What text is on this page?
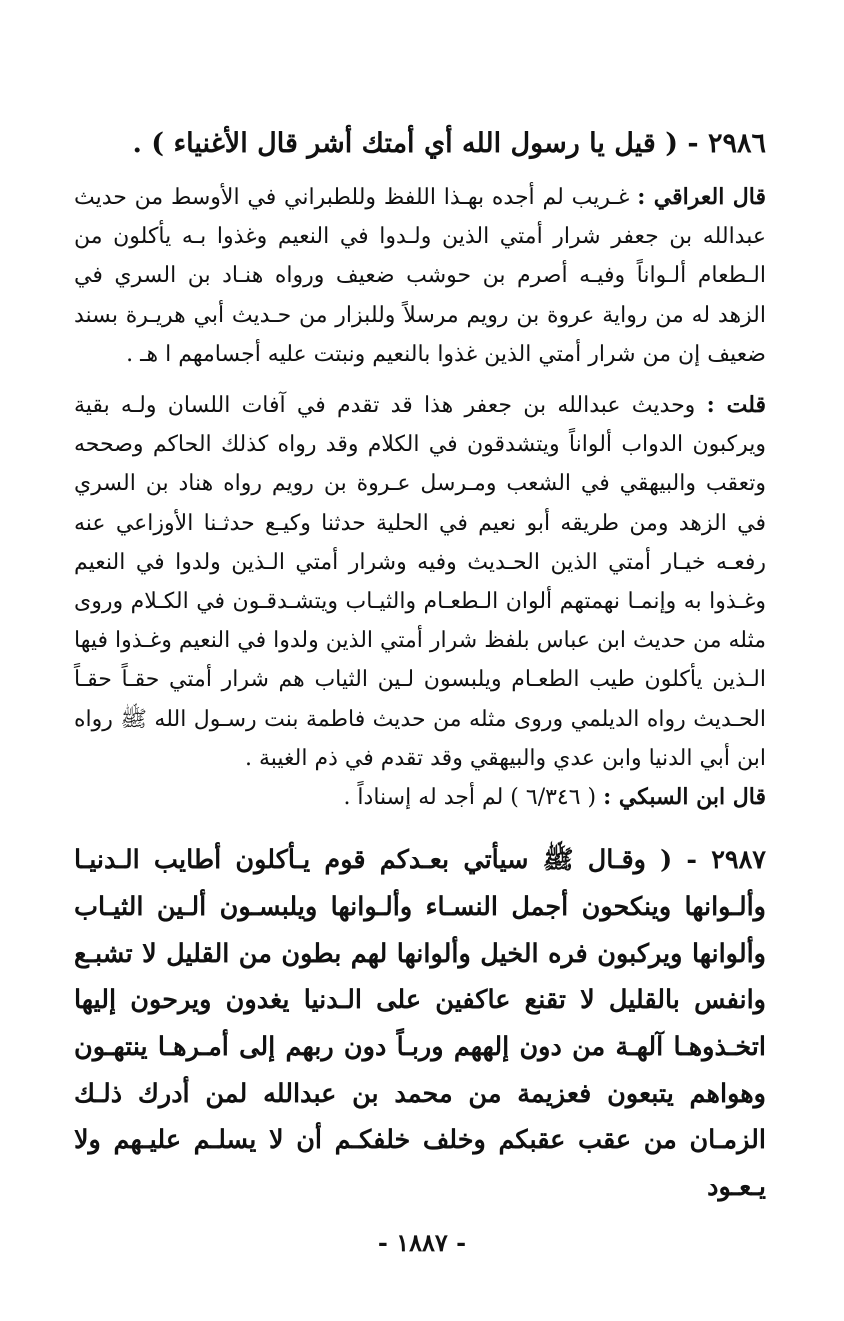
٢٩٨٦ - ( قيل يا رسول الله أي أمتك أشر قال الأغنياء ) .

قال العراقي : غـريب لم أجده بهـذا اللفظ وللطبراني في الأوسط من حديث عبدالله بن جعفر شرار أمتي الذين ولـدوا في النعيم وغذوا بـه يأكلون من الـطعام ألـواناً وفيـه أصرم بن حوشب ضعيف ورواه هنـاد بن السري في الزهد له من رواية عروة بن رويم مرسلاً وللبزار من حـديث أبي هريـرة بسند ضعيف إن من شرار أمتي الذين غذوا بالنعيم ونبتت عليه أجسامهم ا هـ .

قلت : وحديث عبدالله بن جعفر هذا قد تقدم في آفات اللسان ولـه بقية ويركبون الدواب ألواناً ويتشدقون في الكلام وقد رواه كذلك الحاكم وصححه وتعقب والبيهقي في الشعب ومـرسل عـروة بن رويم رواه هناد بن السري في الزهد ومن طريقه أبو نعيم في الحلية حدثنا وكيـع حدثـنا الأوزاعي عنه رفعـه خيـار أمتي الذين الحـديث وفيه وشرار أمتي الـذين ولدوا في النعيم وغـذوا به وإنمـا نهمتهم ألوان الـطعـام والثيـاب ويتشـدقـون في الكـلام وروى مثله من حديث ابن عباس بلفظ شرار أمتي الذين ولدوا في النعيم وغـذوا فيها الـذين يأكلون طيب الطعـام ويلبسون لـين الثياب هم شرار أمتي حقـاً حقـاً الحـديث رواه الديلمي وروى مثله من حديث فاطمة بنت رسـول الله ﷺ رواه ابن أبي الدنيا وابن عدي والبيهقي وقد تقدم في ذم الغيبة .

قال ابن السبكي : ( ٦/٣٤٦ ) لم أجد له إسناداً .

٢٩٨٧ - ( وقـال ﷺ سيأتي بعـدكم قوم يـأكلون أطايب الـدنيـا وألـوانها وينكحون أجمل النسـاء وألـوانها ويلبسـون ألـين الثيـاب وألوانها ويركبون فره الخيل وألوانها لهم بطون من القليل لا تشبـع وانفس بالقليل لا تقنع عاكفين على الـدنيا يغدون ويرحون إليها اتخـذوهـا آلهـة من دون إلههم وربـاً دون ربهم إلى أمـرهـا ينتهـون وهواهم يتبعون فعزيمة من محمد بن عبدالله لمن أدرك ذلـك الزمـان من عقب عقبكم وخلف خلفكـم أن لا يسلـم عليـهم ولا يـعـود

- ١٨٨٧ -
